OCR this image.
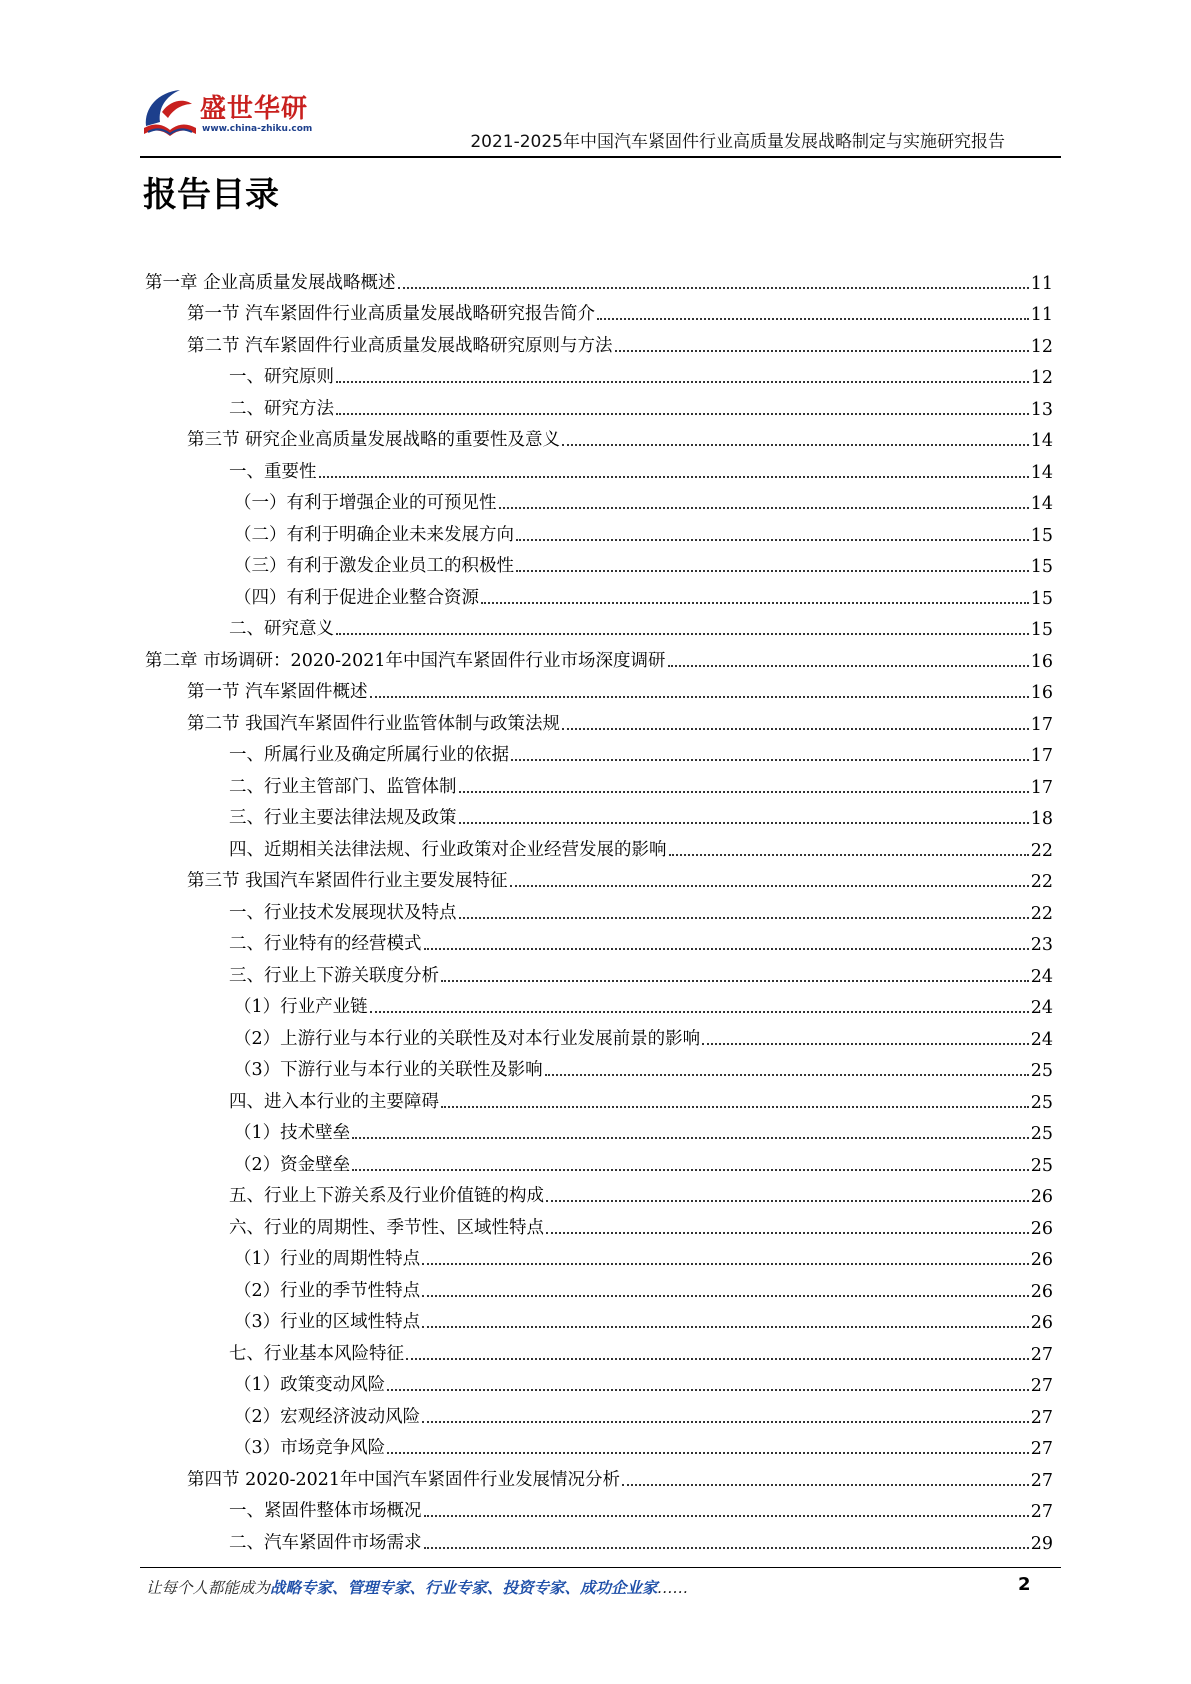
盛世华研
www.china-zhiku.com
2021-2025年中国汽车紧固件行业高质量发展战略制定与实施研究报告
报告目录
第一章 企业高质量发展战略概述	11
第一节 汽车紧固件行业高质量发展战略研究报告简介	11
第二节 汽车紧固件行业高质量发展战略研究原则与方法	12
一、研究原则	12
二、研究方法	13
第三节 研究企业高质量发展战略的重要性及意义	14
一、重要性	14
（一）有利于增强企业的可预见性	14
（二）有利于明确企业未来发展方向	15
（三）有利于激发企业员工的积极性	15
（四）有利于促进企业整合资源	15
二、研究意义	15
第二章 市场调研：2020-2021年中国汽车紧固件行业市场深度调研	16
第一节 汽车紧固件概述	16
第二节 我国汽车紧固件行业监管体制与政策法规	17
一、所属行业及确定所属行业的依据	17
二、行业主管部门、监管体制	17
三、行业主要法律法规及政策	18
四、近期相关法律法规、行业政策对企业经营发展的影响	22
第三节 我国汽车紧固件行业主要发展特征	22
一、行业技术发展现状及特点	22
二、行业特有的经营模式	23
三、行业上下游关联度分析	24
（1）行业产业链	24
（2）上游行业与本行业的关联性及对本行业发展前景的影响	24
（3）下游行业与本行业的关联性及影响	25
四、进入本行业的主要障碍	25
（1）技术壁垒	25
（2）资金壁垒	25
五、行业上下游关系及行业价值链的构成	26
六、行业的周期性、季节性、区域性特点	26
（1）行业的周期性特点	26
（2）行业的季节性特点	26
（3）行业的区域性特点	26
七、行业基本风险特征	27
（1）政策变动风险	27
（2）宏观经济波动风险	27
（3）市场竞争风险	27
第四节 2020-2021年中国汽车紧固件行业发展情况分析	27
一、紧固件整体市场概况	27
二、汽车紧固件市场需求	29
让每个人都能成为战略专家、管理专家、行业专家、投资专家、成功企业家……	2
